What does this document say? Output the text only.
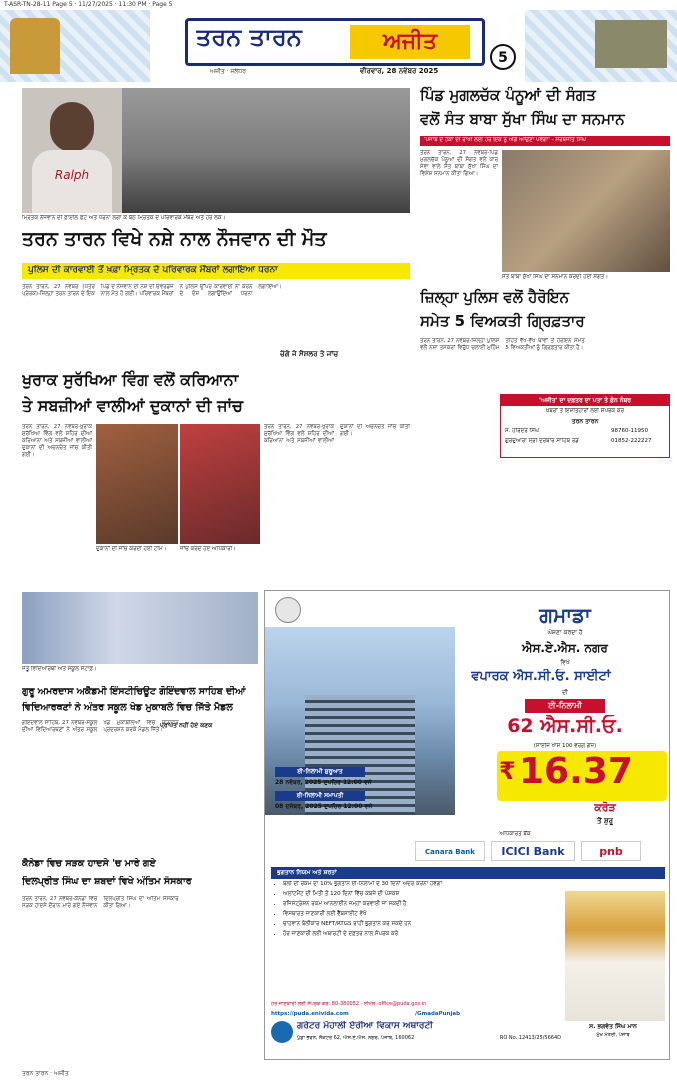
T-ASR-TN-28-11 Page 5 · 11/27/2025 · 11:30 PM · Page 5
ਤਰਨ ਤਾਰਨ	ਅਜੀਤ
ਅਜੀਤ · ਜਲੰਧਰ	ਵੀਰਵਾਰ, 28 ਨਵੰਬਰ 2025
5
Ralph
ਮ੍ਰਿਤਕ ਨੌਜਵਾਨ ਦੀ ਫ਼ਾਈਲ ਫ਼ੋਟੋ ਅਤੇ ਧਰਨਾ ਲਗਾ ਕੇ ਬੈਠੇ ਮ੍ਰਿਤਕ ਦੇ ਪਰਿਵਾਰਕ ਮੈਂਬਰ ਅਤੇ ਹੋਰ ਲੋਕ।
ਤਰਨ ਤਾਰਨ ਵਿਖੇ ਨਸ਼ੇ ਨਾਲ ਨੌਜਵਾਨ ਦੀ ਮੌਤ
ਪੁਲਿਸ ਦੀ ਕਾਰਵਾਈ ਤੋਂ ਖ਼ਫ਼ਾ ਮ੍ਰਿਤਕ ਦੇ ਪਰਿਵਾਰਕ ਮੈਂਬਰਾਂ ਲਗਾਇਆ ਧਰਨਾ

ਤਰਨ ਤਾਰਨ, 27 ਨਵੰਬਰ (ਪੱਤਰ ਪ੍ਰੇਰਕ)-ਜ਼ਿਲ੍ਹਾ ਤਰਨ ਤਾਰਨ ਦੇ ਇਕ ਪਿੰਡ ਦੇ ਨੌਜਵਾਨ ਦੀ ਨਸ਼ੇ ਦੀ ਓਵਰਡੋਜ਼ ਨਾਲ ਮੌਤ ਹੋ ਗਈ। ਪਰਿਵਾਰਕ ਮੈਂਬਰਾਂ ਨੇ ਪੁਲਿਸ ਉੱਪਰ ਕਾਰਵਾਈ ਨਾ ਕਰਨ ਦੇ ਦੋਸ਼ ਲਗਾਉਂਦਿਆਂ ਧਰਨਾ ਲਗਾਇਆ।

ਪਿੰਡ ਮੁਗਲਚੱਕ ਪੰਨੂਆਂ ਦੀ ਸੰਗਤ
ਵਲੋਂ ਸੰਤ ਬਾਬਾ ਸੁੱਖਾ ਸਿੰਘ ਦਾ ਸਨਮਾਨ
'ਪੰਜਾਬ ਦੇ ਹੱਕਾਂ ਦੀ ਰਾਖੀ ਲਈ ਹਰ ਇਕ ਨੂੰ ਅੱਗੇ ਆਉਣਾ ਪਵੇਗਾ' - ਸਰਬਜੀਤ ਸਿੰਘ

ਤਰਨ ਤਾਰਨ, 27 ਨਵੰਬਰ-ਪਿੰਡ ਮੁਗਲਚੱਕ ਪੰਨੂਆਂ ਦੀ ਸੰਗਤ ਵਲੋਂ ਕਾਰ ਸੇਵਾ ਵਾਲੇ ਸੰਤ ਬਾਬਾ ਸੁੱਖਾ ਸਿੰਘ ਦਾ ਵਿਸ਼ੇਸ਼ ਸਨਮਾਨ ਕੀਤਾ ਗਿਆ।

ਸੰਤ ਬਾਬਾ ਸੁੱਖਾ ਸਿੰਘ ਦਾ ਸਨਮਾਨ ਕਰਦੀ ਹੋਈ ਸੰਗਤ।
ਜ਼ਿਲ੍ਹਾ ਪੁਲਿਸ ਵਲੋਂ ਹੈਰੋਇਨ
ਸਮੇਤ 5 ਵਿਅਕਤੀ ਗ੍ਰਿਫ਼ਤਾਰ

ਤਰਨ ਤਾਰਨ, 27 ਨਵੰਬਰ-ਜ਼ਿਲ੍ਹਾ ਪੁਲਿਸ ਵਲੋਂ ਨਸ਼ਾ ਤਸਕਰਾਂ ਵਿਰੁੱਧ ਚਲਾਈ ਮੁਹਿੰਮ ਤਹਿਤ ਵੱਖ-ਵੱਖ ਥਾਵਾਂ ਤੋਂ ਹੈਰੋਇਨ ਸਮੇਤ 5 ਵਿਅਕਤੀਆਂ ਨੂੰ ਗ੍ਰਿਫ਼ਤਾਰ ਕੀਤਾ ਹੈ।

'ਅਜੀਤ' ਦਾ ਦਫ਼ਤਰ ਦਾ ਪਤਾ ਤੇ ਫ਼ੋਨ ਨੰਬਰ
ਖ਼ਬਰਾਂ ਤੇ ਇਸ਼ਤਿਹਾਰਾਂ ਲਈ ਸੰਪਰਕ ਕਰੋ
ਤਰਨ ਤਾਰਨ
ਸ. ਹਰਿੰਦਰ ਸਿੰਘ	98760-11950
ਗੁਰਦੁਆਰਾ ਸ੍ਰੀ ਦਰਬਾਰ ਸਾਹਿਬ ਰੋਡ	01852-222227
ਚੰਗੇ ਜੇ ਸੋਸ਼ਲਰ ਤੇ ਜਾਂਚ
ਖੁਰਾਕ ਸੁਰੱਖਿਆ ਵਿੰਗ ਵਲੋਂ ਕਰਿਆਨਾ
ਤੇ ਸਬਜ਼ੀਆਂ ਵਾਲੀਆਂ ਦੁਕਾਨਾਂ ਦੀ ਜਾਂਚ

ਤਰਨ ਤਾਰਨ, 27 ਨਵੰਬਰ-ਖੁਰਾਕ ਸੁਰੱਖਿਆ ਵਿੰਗ ਵਲੋਂ ਸ਼ਹਿਰ ਦੀਆਂ ਕਰਿਆਨਾ ਅਤੇ ਸਬਜ਼ੀਆਂ ਵਾਲੀਆਂ ਦੁਕਾਨਾਂ ਦੀ ਅਚਨਚੇਤ ਜਾਂਚ ਕੀਤੀ ਗਈ।

ਦੁਕਾਨਾਂ ਦੀ ਜਾਂਚ ਕਰਦੀ ਹੋਈ ਟੀਮ।	ਜਾਂਚ ਕਰਦੇ ਹੋਏ ਅਧਿਕਾਰੀ।

ਤਰਨ ਤਾਰਨ, 27 ਨਵੰਬਰ-ਖੁਰਾਕ ਸੁਰੱਖਿਆ ਵਿੰਗ ਵਲੋਂ ਸ਼ਹਿਰ ਦੀਆਂ ਕਰਿਆਨਾ ਅਤੇ ਸਬਜ਼ੀਆਂ ਵਾਲੀਆਂ ਦੁਕਾਨਾਂ ਦੀ ਅਚਨਚੇਤ ਜਾਂਚ ਕੀਤੀ ਗਈ।

ਜੇਤੂ ਵਿਦਿਆਰਥੀ ਅਤੇ ਸਕੂਲ ਸਟਾਫ਼।
ਗੁਰੂ ਅਮਰਦਾਸ ਅਕੈਡਮੀ ਇੰਸਟੀਚਿਊਟ ਗੋਇੰਦਵਾਲ ਸਾਹਿਬ ਦੀਆਂ
ਵਿਦਿਆਰਥਣਾਂ ਨੇ ਅੰਤਰ ਸਕੂਲ ਖੇਡ ਮੁਕਾਬਲੇ ਵਿਚ ਜਿੱਤੇ ਮੈਡਲ
ਪ੍ਰਾਪਤ ਨਹੀਂ ਹੋਏ ਕਣਕ

ਗੋਇੰਦਵਾਲ ਸਾਹਿਬ, 27 ਨਵੰਬਰ-ਸਕੂਲ ਦੀਆਂ ਵਿਦਿਆਰਥਣਾਂ ਨੇ ਅੰਤਰ ਸਕੂਲ ਖੇਡ ਮੁਕਾਬਲਿਆਂ ਵਿਚ ਸ਼ਾਨਦਾਰ ਪ੍ਰਦਰਸ਼ਨ ਕਰਕੇ ਮੈਡਲ ਜਿੱਤੇ।

ਕੈਨੇਡਾ ਵਿਚ ਸੜਕ ਹਾਦਸੇ 'ਚ ਮਾਰੇ ਗਏ
ਦਿਲਪ੍ਰੀਤ ਸਿੰਘ ਦਾ ਸ਼ਬਦਾਂ ਵਿਖੇ ਅੰਤਿਮ ਸੰਸਕਾਰ

ਤਰਨ ਤਾਰਨ, 27 ਨਵੰਬਰ-ਕੈਨੇਡਾ ਵਿਚ ਸੜਕ ਹਾਦਸੇ ਦੌਰਾਨ ਮਾਰੇ ਗਏ ਨੌਜਵਾਨ ਦਿਲਪ੍ਰੀਤ ਸਿੰਘ ਦਾ ਅੰਤਿਮ ਸੰਸਕਾਰ ਕੀਤਾ ਗਿਆ।

ਗਮਾਡਾ
ਘੋਸ਼ਣਾ ਕਰਦਾ ਹੈ
ਐਸ.ਏ.ਐਸ. ਨਗਰ
ਵਿਖੇ
ਵਪਾਰਕ ਐਸ.ਸੀ.ਓ. ਸਾਈਟਾਂ
ਦੀ
ਈ-ਨਿਲਾਮੀ
62 ਐਸ.ਸੀ.ਓ.
(ਸਾਈਜ਼ ਖਾਸ 100 ਵਰਗ ਗਜ਼)
₹ 16.37
ਕਰੋੜ
ਤੋਂ ਸ਼ੁਰੂ
ਈ-ਨਿਲਾਮੀ ਸ਼ੁਰੂਆਤ
28 ਨਵੰਬਰ, 2025 ਦੁਪਹਿਰ 12:00 ਵਜੇ
ਈ-ਨਿਲਾਮੀ ਸਮਾਪਤੀ
08 ਦਸੰਬਰ, 2025 ਦੁਪਹਿਰ 12:00 ਵਜੇ
ਅਧਿਕਾਰਤ ਬੈਂਕ
Canara Bank	ICICI Bank	pnb
ਭੁਗਤਾਨ ਨਿਯਮ ਅਤੇ ਸ਼ਰਤਾਂ
• ਬੋਲੀ ਦੀ ਰਕਮ ਦਾ 10% ਭੁਗਤਾਨ ਈ-ਨਿਲਾਮੀ ਦੇ 30 ਦਿਨਾਂ ਅੰਦਰ ਕਰਨਾ ਹੋਵੇਗਾ
• ਅਲਾਟਮੈਂਟ ਦੀ ਮਿਤੀ ਤੋਂ 120 ਦਿਨਾਂ ਵਿੱਚ ਕਬਜ਼ੇ ਦੀ ਪੇਸ਼ਕਸ਼
• ਰਜਿਸਟ੍ਰੇਸ਼ਨ ਰਕਮ ਆਨਲਾਈਨ ਜਮ੍ਹਾਂ ਕਰਵਾਈ ਜਾ ਸਕਦੀ ਹੈ
• ਵਿਸਥਾਰਤ ਜਾਣਕਾਰੀ ਲਈ ਵੈੱਬਸਾਈਟ ਵੇਖੋ
• ਚਾਹਵਾਨ ਬੋਲੀਕਾਰ NEFT/RTGS ਰਾਹੀਂ ਭੁਗਤਾਨ ਕਰ ਸਕਦੇ ਹਨ
• ਹੋਰ ਜਾਣਕਾਰੀ ਲਈ ਅਥਾਰਟੀ ਦੇ ਦਫ਼ਤਰ ਨਾਲ ਸੰਪਰਕ ਕਰੋ
ਸ. ਭਗਵੰਤ ਸਿੰਘ ਮਾਨ
ਮੁੱਖ ਮੰਤਰੀ, ਪੰਜਾਬ
ਹੋਰ ਜਾਣਕਾਰੀ ਲਈ ਸੰਪਰਕ ਕਰੋ: 80-380052 · ਈਮੇਲ: office@puda.gov.in
https://puda.enivida.com	/GmadaPunjab
ਗਰੇਟਰ ਮੋਹਾਲੀ ਏਰੀਆ ਵਿਕਾਸ ਅਥਾਰਟੀ
ਪੁੱਡਾ ਭਵਨ, ਸੈਕਟਰ 62, ਐਸ.ਏ.ਐਸ. ਨਗਰ, ਪੰਜਾਬ, 160062	RO No. 12413/25/5664D
ਤਰਨ ਤਾਰਨ · ਅਜੀਤ
